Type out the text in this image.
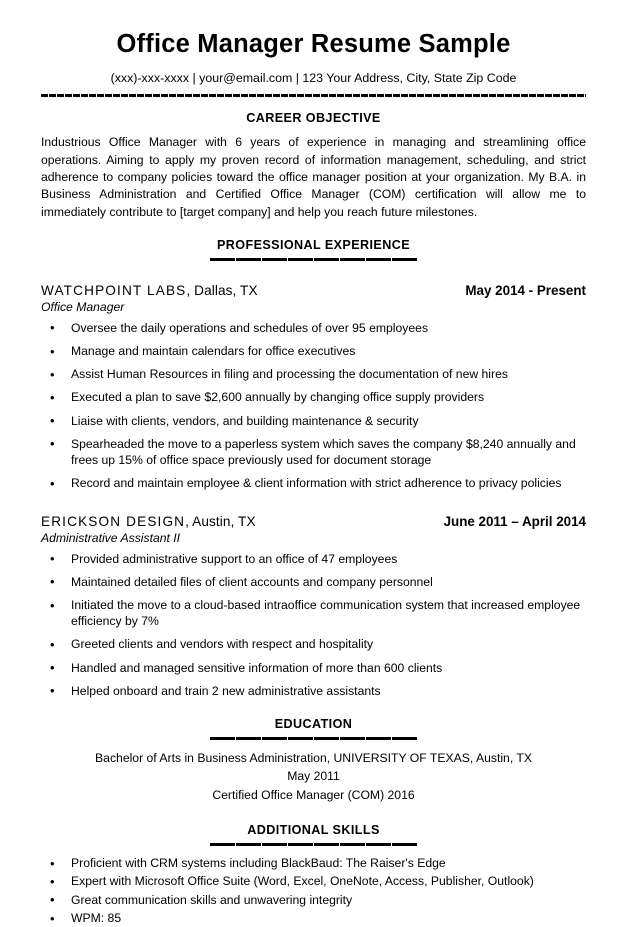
Office Manager Resume Sample
(xxx)-xxx-xxxx | your@email.com | 123 Your Address, City, State Zip Code
CAREER OBJECTIVE

Industrious Office Manager with 6 years of experience in managing and streamlining office operations. Aiming to apply my proven record of information management, scheduling, and strict adherence to company policies toward the office manager position at your organization. My B.A. in Business Administration and Certified Office Manager (COM) certification will allow me to immediately contribute to [target company] and help you reach future milestones.

PROFESSIONAL EXPERIENCE
WATCHPOINT LABS, Dallas, TX	May 2014 - Present
Office Manager
• Oversee the daily operations and schedules of over 95 employees
• Manage and maintain calendars for office executives
• Assist Human Resources in filing and processing the documentation of new hires
• Executed a plan to save $2,600 annually by changing office supply providers
• Liaise with clients, vendors, and building maintenance & security
• Spearheaded the move to a paperless system which saves the company $8,240 annually and frees up 15% of office space previously used for document storage
• Record and maintain employee & client information with strict adherence to privacy policies
ERICKSON DESIGN, Austin, TX	June 2011 – April 2014
Administrative Assistant II
• Provided administrative support to an office of 47 employees
• Maintained detailed files of client accounts and company personnel
• Initiated the move to a cloud-based intraoffice communication system that increased employee efficiency by 7%
• Greeted clients and vendors with respect and hospitality
• Handled and managed sensitive information of more than 600 clients
• Helped onboard and train 2 new administrative assistants
EDUCATION
Bachelor of Arts in Business Administration, UNIVERSITY OF TEXAS, Austin, TX
May 2011
Certified Office Manager (COM) 2016
ADDITIONAL SKILLS
• Proficient with CRM systems including BlackBaud: The Raiser's Edge
• Expert with Microsoft Office Suite (Word, Excel, OneNote, Access, Publisher, Outlook)
• Great communication skills and unwavering integrity
• WPM: 85
